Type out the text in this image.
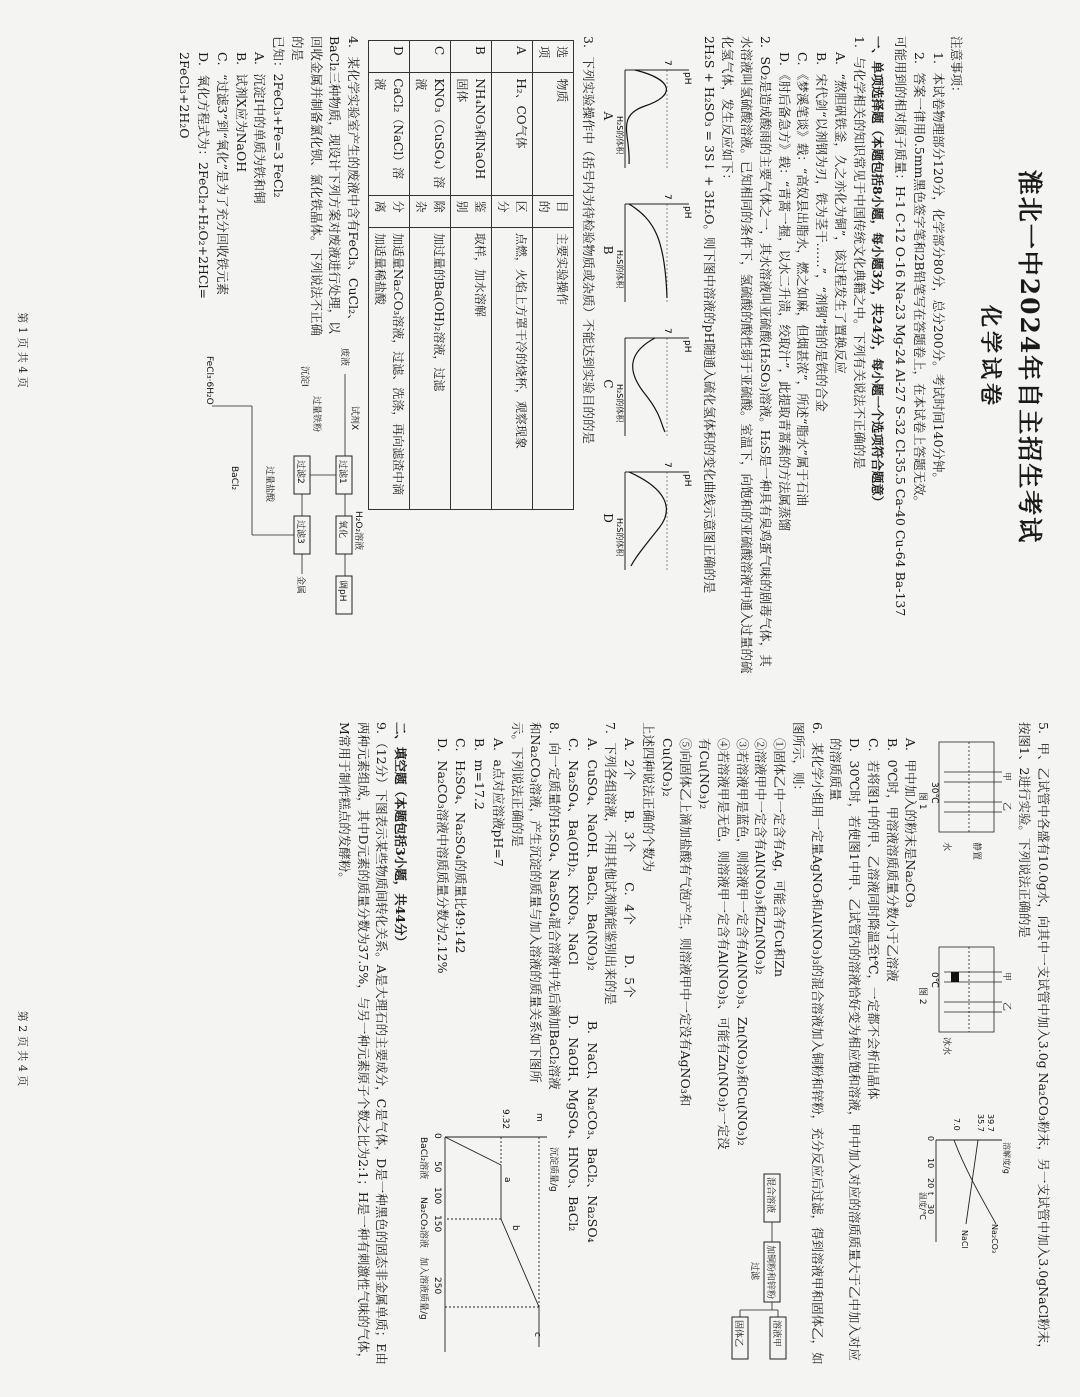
淮北一中2024年自主招生考试
化学试卷

注意事项：

1．本试卷物理部分120分，化学部分80分，总分200分。考试时间140分钟。

2．答案一律用0.5mm黑色签字笔和2B铅笔写在答题卷上，在本试卷上答题无效。

可能用到的相对原子质量：H-1 C-12 O-16 Na-23 Mg-24 Al-27 S-32 Cl-35.5 Ca-40 Cu-64 Ba-137

一、单项选择题（本题包括8小题，每小题3分，共24分，每小题一个选项符合题意）

1．与化学相关的知识常见于中国传统文化典籍之中。下列有关说法不正确的是

A．“熬胆矾铁釜，久之亦化为铜”，该过程发生了置换反应

B．宋代剑“以剂钢为刃，铁为茎干……”，“剂钢”指的是铁的合金

C．《梦溪笔谈》载：“高奴县出脂水，燃之如麻，但烟甚浓”，所述“脂水”属于石油

D．《肘后备急方》载：“青蒿一握，以水二升渍，绞取汁”，此提取青蒿素的方法属蒸馏

2．SO₂是造成酸雨的主要气体之一，其水溶液叫亚硫酸(H₂SO₃)溶液。H₂S是一种具有臭鸡蛋气味的剧毒气体，其水溶液叫氢硫酸溶液。已知相同的条件下，氢硫酸的酸性弱于亚硫酸。室温下，向饱和的亚硫酸溶液中通入过量的硫化氢气体，发生反应如下：

2H₂S + H₂SO₃ = 3S↓ + 3H₂O。则下图中溶液的pH随通入硫化氢体积的变化曲线示意图正确的是

pH
7
H₂S的体积
A
pH
7
H₂S的体积
B
pH
7
H₂S的体积
C
pH
7
H₂S的体积
D

3．下列实验操作中（括号内为待检验物质或杂质）不能达到实验目的的是

选项	物质	目的	主要实验操作
A	H₂、CO气体	区分	点燃，火焰上方罩干冷的烧杯，观察现象
B	NH₄NO₃和NaOH固体	鉴别	取样，加水溶解
C	KNO₃（CuSO₄）溶液	除杂	加过量的Ba(OH)₂溶液，过滤
D	CaCl₂（NaCl）溶液	分离	加适量Na₂CO₃溶液，过滤、洗涤，再向滤渣中滴加适量稀盐酸

4．某化学实验室产生的废液中含有FeCl₃、CuCl₂、BaCl₂三种物质，现设计下列方案对废液进行处理，以回收金属并制备氯化钡、氯化铁晶体。下列说法不正确的是

已知：2FeCl₃+Fe=3 FeCl₂

A．沉淀I中的单质为铁和铜

B．试剂X应为NaOH

C．“过滤3”到“氧化”是为了充分回收铁元素

D．氧化方程式为：2FeCl₂+H₂O₂+2HCl= 2FeCl₃+2H₂O

废液
试剂X
过滤1
氧化
调pH
H₂O₂溶液
沉淀I
过量铁粉
过滤2
过滤3
金属
过量盐酸
BaCl₂
FeCl₃·6H₂O
第 1 页 共 4 页

5．甲、乙试管中各盛有10.0g水，向其中一支试管中加入3.0g Na₂CO₃粉末，另一支试管中加入3.0gNaCl粉末，按图1、2进行实验。下列说法正确的是

甲
乙
静置
30℃
水
图 1
甲
乙
0℃
冰水
图 2
溶解度/g
39.7
35.7
7.0
0
10
20
t
30
温度/℃
Na₂CO₃
NaCl

A．甲中加入的粉末是Na₂CO₃

B．0℃时，甲溶液溶质质量分数小于乙溶液

C．若将图1中的甲、乙溶液同时降温至t℃，一定都不会析出晶体

D．30℃时，若使图1中甲、乙试管内的溶液恰好变为相应饱和溶液，甲中加入对应的溶质质量大于乙中加入对应的溶质质量

6．某化学小组用一定量AgNO₃和Al(NO₃)₃的混合溶液加入铜粉和锌粉，充分反应后过滤，得到溶液甲和固体乙，如图所示，则：

①固体乙中一定含有Ag，可能含有Cu和Zn

②溶液甲中一定含有Al(NO₃)₃和Zn(NO₃)₂

③若溶液甲是蓝色，则溶液甲一定含有Al(NO₃)₃、Zn(NO₃)₂和Cu(NO₃)₂

④若溶液甲是无色，则溶液甲一定含有Al(NO₃)₃、可能有Zn(NO₃)₂一定没有Cu(NO₃)₂

⑤向固体乙上滴加盐酸有气泡产生，则溶液甲中一定没有AgNO₃和Cu(NO₃)₂

混合溶液
加铜粉和锌粉
过滤
溶液甲
固体乙

上述四种说法正确的个数为

A．2个
B．3个
C．4个
D．5个

7．下列各组溶液，不用其他试剂就能鉴别出来的是

A．CuSO₄、NaOH、BaCl₂、Ba(NO₃)₂
B．NaCl、Na₂CO₃、BaCl₂、Na₂SO₄
C．Na₂SO₄、Ba(OH)₂、KNO₃、NaCl
D．NaOH、MgSO₄、HNO₃、BaCl₂

8．向一定质量的H₂SO₄、Na₂SO₄混合溶液中先后滴加BaCl₂溶液和Na₂CO₃溶液，产生沉淀的质量与加入溶液的质量关系如下图所示。下列说法正确的是

A．a点对应溶液pH=7

B．m=17.2

C．H₂SO₄、Na₂SO₄的质量比49:142

D．Na₂CO₃溶液中溶质质量分数为2.12%

沉淀质量/g
m
9.32
0
50
100
150
250
a
b
c
BaCl₂溶液
Na₂CO₃溶液
加入溶液质量/g

二、填空题（本题包括3小题，共44分）

9．（12分）下图表示某些物质间转化关系。A是大理石的主要成分，C是气体，D是一种黑色的固态非金属单质；E由两种元素组成，其中D元素的质量分数为37.5%，与另一种元素原子个数之比为2:1；H是一种有刺激性气味的气体，M常用于制作糕点的发酵粉。

第 2 页 共 4 页
